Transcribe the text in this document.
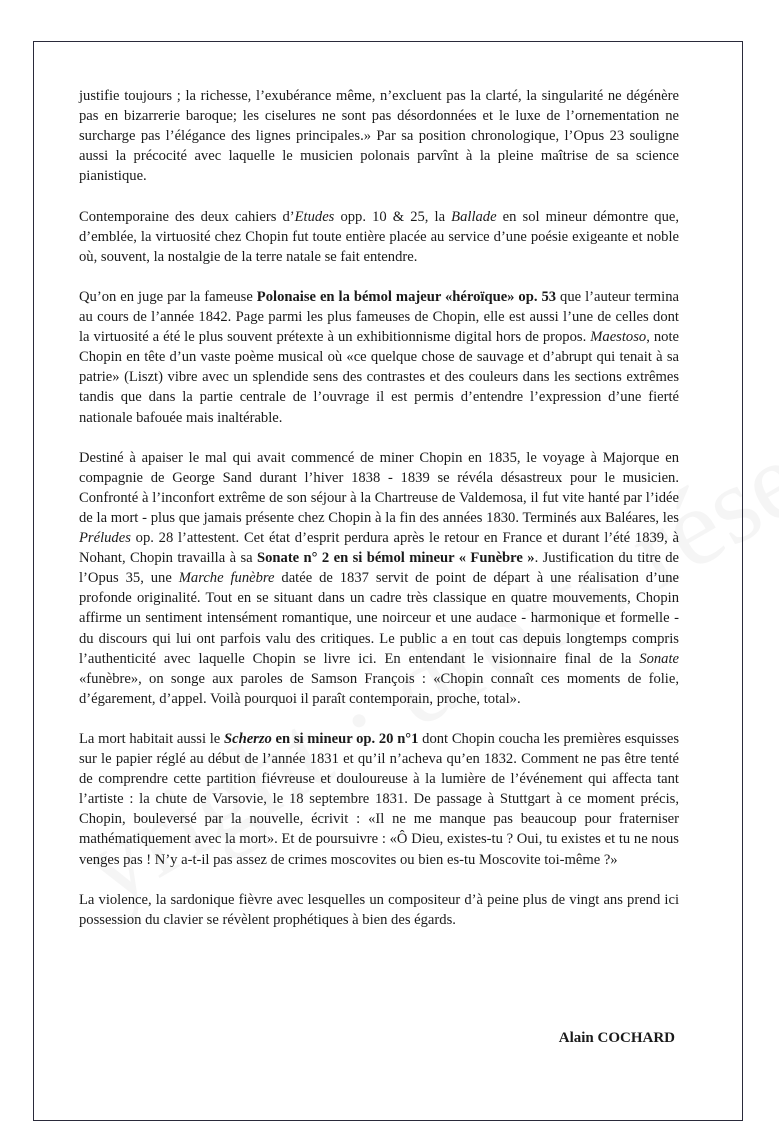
justifie toujours ; la richesse, l’exubérance même, n’excluent pas la clarté, la singularité ne dégénère pas en bizarrerie baroque; les ciselures ne sont pas désordonnées et le luxe de l’ornementation ne surcharge pas l’élégance des lignes principales.» Par sa position chronologique, l’Opus 23 souligne aussi la précocité avec laquelle le musicien polonais parvînt à la pleine maîtrise de sa science pianistique.

Contemporaine des deux cahiers d’Etudes opp. 10 & 25, la Ballade en sol mineur démontre que, d’emblée, la virtuosité chez Chopin fut toute entière placée au service d’une poésie exigeante et noble où, souvent, la nostalgie de la terre natale se fait entendre.

Qu’on en juge par la fameuse Polonaise en la bémol majeur «héroïque» op. 53 que l’auteur termina au cours de l’année 1842. Page parmi les plus fameuses de Chopin, elle est aussi l’une de celles dont la virtuosité a été le plus souvent prétexte à un exhibitionnisme digital hors de propos. Maestoso, note Chopin en tête d’un vaste poème musical où «ce quelque chose de sauvage et d’abrupt qui tenait à sa patrie» (Liszt) vibre avec un splendide sens des contrastes et des couleurs dans les sections extrêmes tandis que dans la partie centrale de l’ouvrage il est permis d’entendre l’expression d’une fierté nationale bafouée mais inaltérable.

Destiné à apaiser le mal qui avait commencé de miner Chopin en 1835, le voyage à Majorque en compagnie de George Sand durant l’hiver 1838 - 1839 se révéla désastreux pour le musicien. Confronté à l’inconfort extrême de son séjour à la Chartreuse de Valdemosa, il fut vite hanté par l’idée de la mort - plus que jamais présente chez Chopin à la fin des années 1830. Terminés aux Baléares, les Préludes op. 28 l’attestent. Cet état d’esprit perdura après le retour en France et durant l’été 1839, à Nohant, Chopin travailla à sa Sonate n° 2 en si bémol mineur « Funèbre ». Justification du titre de l’Opus 35, une Marche funèbre datée de 1837 servit de point de départ à une réalisation d’une profonde originalité. Tout en se situant dans un cadre très classique en quatre mouvements, Chopin affirme un sentiment intensément romantique, une noirceur et une audace - harmonique et formelle - du discours qui lui ont parfois valu des critiques. Le public a en tout cas depuis longtemps compris l’authenticité avec laquelle Chopin se livre ici. En entendant le visionnaire final de la Sonate «funèbre», on songe aux paroles de Samson François : «Chopin connaît ces moments de folie, d’égarement, d’appel. Voilà pourquoi il paraît contemporain, proche, total».

La mort habitait aussi le Scherzo en si mineur op. 20 n°1 dont Chopin coucha les premières esquisses sur le papier réglé au début de l’année 1831 et qu’il n’acheva qu’en 1832. Comment ne pas être tenté de comprendre cette partition fiévreuse et douloureuse à la lumière de l’événement qui affecta tant l’artiste : la chute de Varsovie, le 18 septembre 1831. De passage à Stuttgart à ce moment précis, Chopin, bouleversé par la nouvelle, écrivit : «Il ne me manque pas beaucoup pour fraterniser mathématiquement avec la mort». Et de poursuivre : «Ô Dieu, existes-tu ? Oui, tu existes et tu ne nous venges pas ! N’y a-t-il pas assez de crimes moscovites ou bien es-tu Moscovite toi-même ?»

La violence, la sardonique fièvre avec lesquelles un compositeur d’à peine plus de vingt ans prend ici possession du clavier se révèlent prophétiques à bien des égards.

Alain COCHARD
